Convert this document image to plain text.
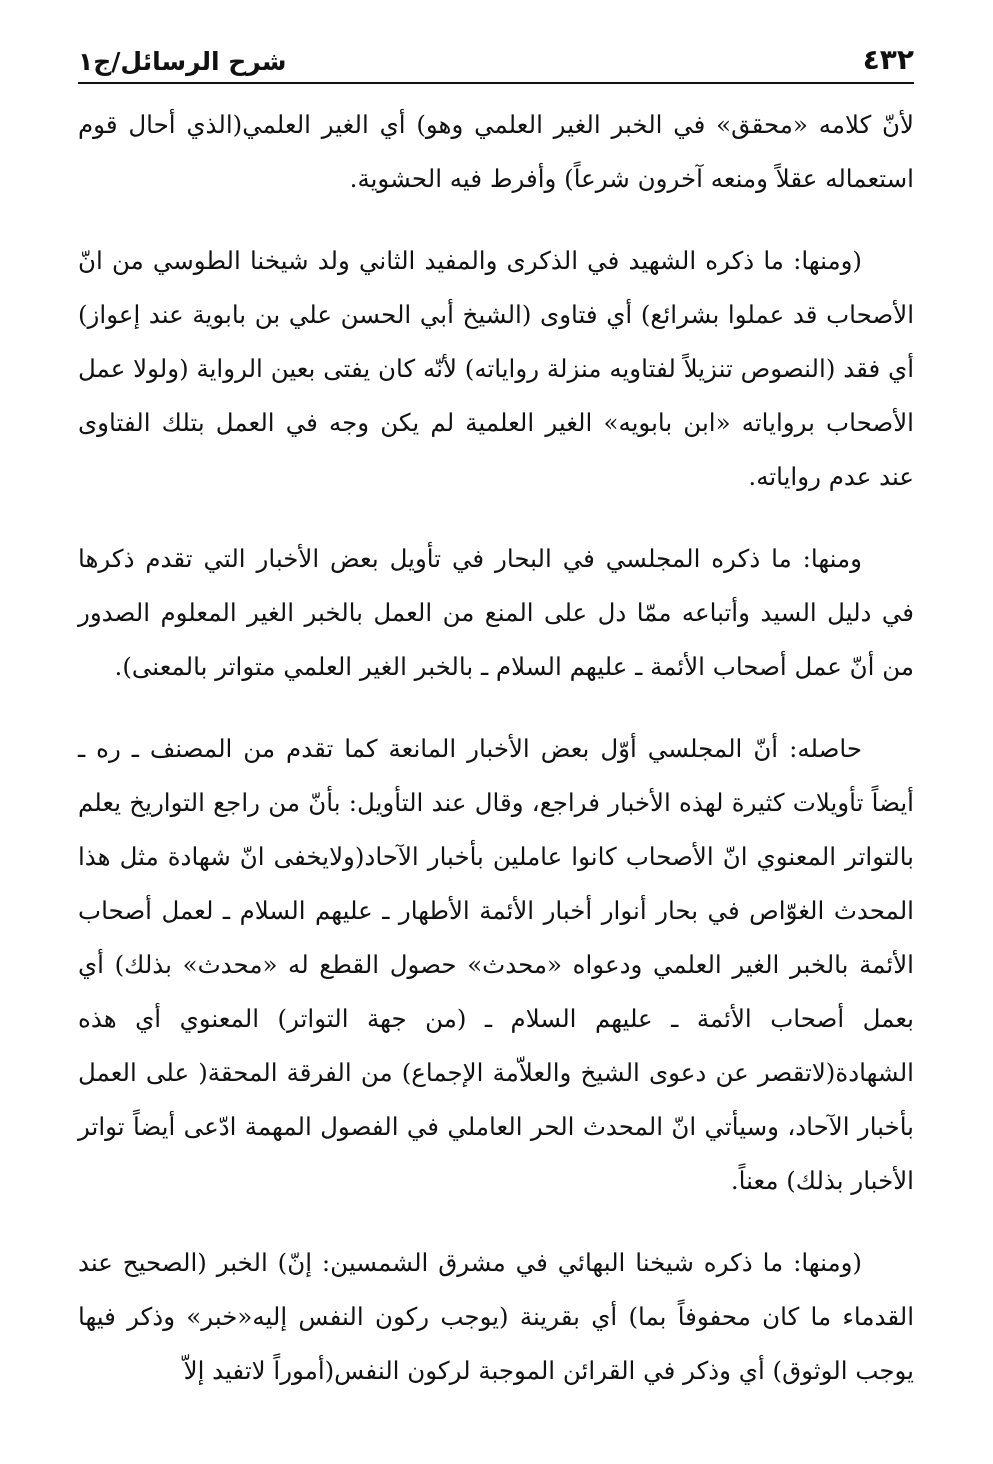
٤٣٢
شرح الرسائل/ج١

لأنّ كلامه «محقق» في الخبر الغير العلمي وهو) أي الغير العلمي(الذي أحال قوم استعماله عقلاً ومنعه آخرون شرعاً) وأفرط فيه الحشوية.

(ومنها: ما ذكره الشهيد في الذكرى والمفيد الثاني ولد شيخنا الطوسي من انّ الأصحاب قد عملوا بشرائع) أي فتاوى (الشيخ أبي الحسن علي بن بابوية عند إعواز) أي فقد (النصوص تنزيلاً لفتاويه منزلة رواياته) لأنّه كان يفتى بعين الرواية (ولولا عمل الأصحاب برواياته «ابن بابويه» الغير العلمية لم يكن وجه في العمل بتلك الفتاوى عند عدم رواياته.

ومنها: ما ذكره المجلسي في البحار في تأويل بعض الأخبار التي تقدم ذكرها في دليل السيد وأتباعه ممّا دل على المنع من العمل بالخبر الغير المعلوم الصدور من أنّ عمل أصحاب الأئمة ـ عليهم السلام ـ بالخبر الغير العلمي متواتر بالمعنى).

حاصله: أنّ المجلسي أوّل بعض الأخبار المانعة كما تقدم من المصنف ـ ره ـ أيضاً تأويلات كثيرة لهذه الأخبار فراجع، وقال عند التأويل: بأنّ من راجع التواريخ يعلم بالتواتر المعنوي انّ الأصحاب كانوا عاملين بأخبار الآحاد(ولايخفى انّ شهادة مثل هذا المحدث الغوّاص في بحار أنوار أخبار الأئمة الأطهار ـ عليهم السلام ـ لعمل أصحاب الأئمة بالخبر الغير العلمي ودعواه «محدث» حصول القطع له «محدث» بذلك) أي بعمل أصحاب الأئمة ـ عليهم السلام ـ (من جهة التواتر) المعنوي أي هذه الشهادة(لاتقصر عن دعوى الشيخ والعلاّمة الإجماع) من الفرقة المحقة( على العمل بأخبار الآحاد، وسيأتي انّ المحدث الحر العاملي في الفصول المهمة ادّعى أيضاً تواتر الأخبار بذلك) معناً.

(ومنها: ما ذكره شيخنا البهائي في مشرق الشمسين: إنّ) الخبر (الصحيح عند القدماء ما كان محفوفاً بما) أي بقرينة (يوجب ركون النفس إليه«خبر» وذكر فيها يوجب الوثوق) أي وذكر في القرائن الموجبة لركون النفس(أموراً لاتفيد إلاّ
